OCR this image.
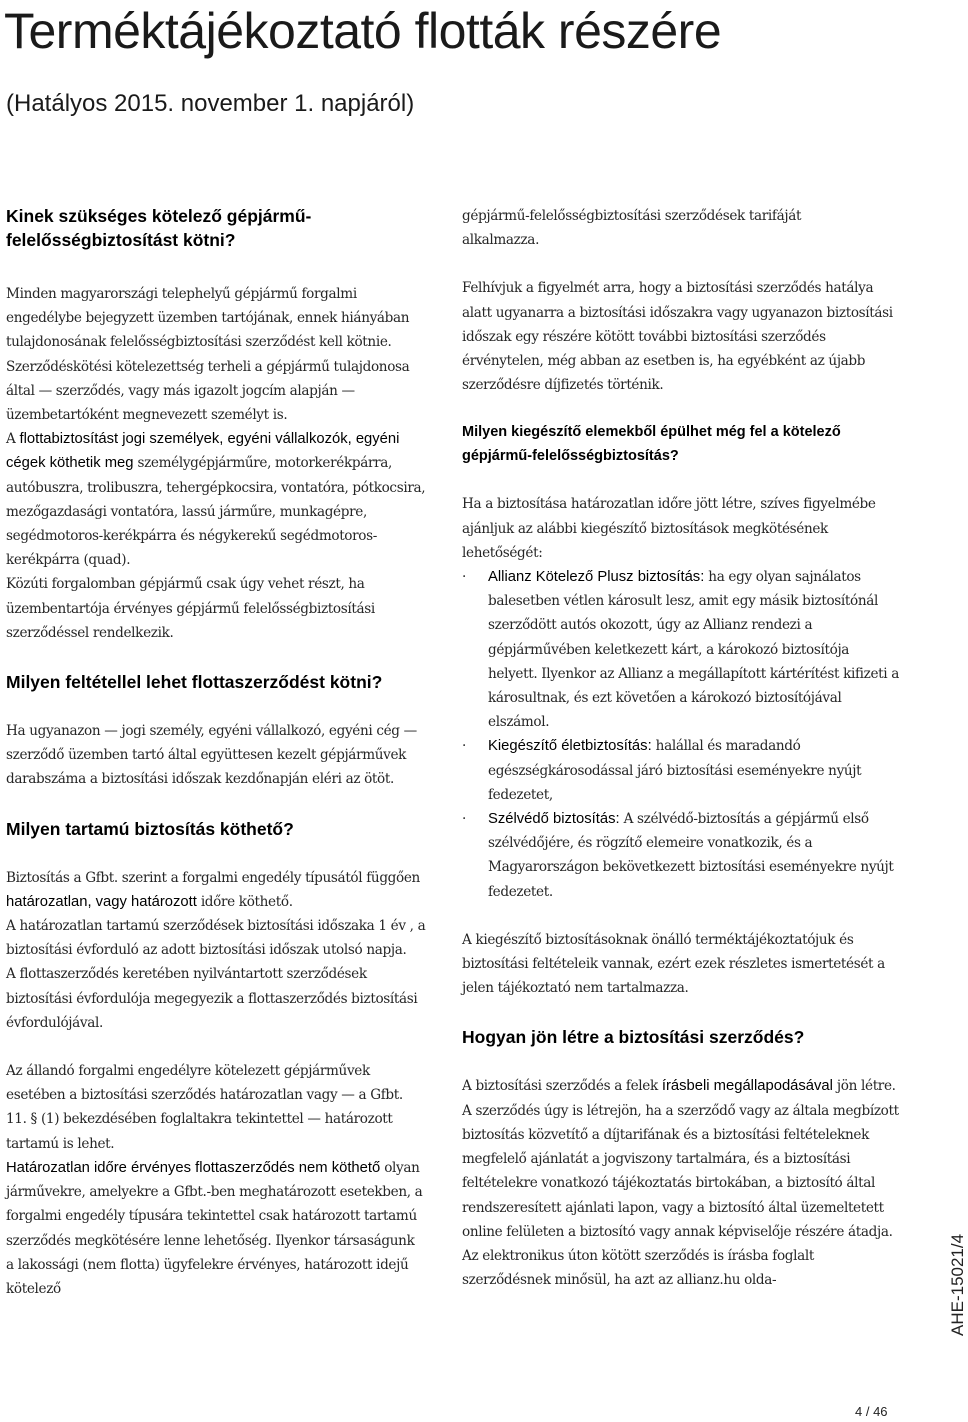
Terméktájékoztató flották részére
(Hatályos 2015. november 1. napjáról)
Kinek szükséges kötelező gépjármű-felelősségbiztosítást kötni?

Minden magyarországi telephelyű gépjármű forgalmi engedélybe bejegyzett üzemben tartójának, ennek hiányában tulajdonosának felelősségbiztosítási szerződést kell kötnie. Szerződéskötési kötelezettség terheli a gépjármű tulajdonosa által — szerződés, vagy más igazolt jogcím alapján — üzembetartóként megnevezett személyt is.

A flottabiztosítást jogi személyek, egyéni vállalkozók, egyéni cégek köthetik meg személygépjárműre, motorkerékpárra, autóbuszra, trolibuszra, tehergépkocsira, vontatóra, pótkocsira, mezőgazdasági vontatóra, lassú járműre, munkagépre, segédmotoros-kerékpárra és négykerekű segédmotoros-kerékpárra (quad).

Közúti forgalomban gépjármű csak úgy vehet részt, ha üzembentartója érvényes gépjármű felelősségbiztosítási szerződéssel rendelkezik.

Milyen feltétellel lehet flottaszerződést kötni?

Ha ugyanazon — jogi személy, egyéni vállalkozó, egyéni cég — szerződő üzemben tartó által együttesen kezelt gépjárművek darabszáma a biztosítási időszak kezdőnapján eléri az ötöt.

Milyen tartamú biztosítás köthető?

Biztosítás a Gfbt. szerint a forgalmi engedély típusától függően határozatlan, vagy határozott időre köthető.

A határozatlan tartamú szerződések biztosítási időszaka 1 év , a biztosítási évforduló az adott biztosítási időszak utolsó napja.

A flottaszerződés keretében nyilvántartott szerződések biztosítási évfordulója megegyezik a flottaszerződés biztosítási évfordulójával.

Az állandó forgalmi engedélyre kötelezett gépjárművek esetében a biztosítási szerződés határozatlan vagy — a Gfbt. 11. § (1) bekezdésében foglaltakra tekintettel — határozott tartamú is lehet.

Határozatlan időre érvényes flottaszerződés nem köthető olyan járművekre, amelyekre a Gfbt.-ben meghatározott esetekben, a forgalmi engedély típusára tekintettel csak határozott tartamú szerződés megkötésére lenne lehetőség. Ilyenkor társaságunk a lakossági (nem flotta) ügyfelekre érvényes, határozott idejű kötelező

gépjármű-felelősségbiztosítási szerződések tarifáját alkalmazza.

Felhívjuk a figyelmét arra, hogy a biztosítási szerződés hatálya alatt ugyanarra a biztosítási időszakra vagy ugyanazon biztosítási időszak egy részére kötött további biztosítási szerződés érvénytelen, még abban az esetben is, ha egyébként az újabb szerződésre díjfizetés történik.

Milyen kiegészítő elemekből épülhet még fel a kötelező gépjármű-felelősségbiztosítás?

Ha a biztosítása határozatlan időre jött létre, szíves figyelmébe ajánljuk az alábbi kiegészítő biztosítások megkötésének lehetőségét:

· Allianz Kötelező Plusz biztosítás: ha egy olyan sajnálatos balesetben vétlen károsult lesz, amit egy másik biztosítónál szerződött autós okozott, úgy az Allianz rendezi a gépjárművében keletkezett kárt, a károkozó biztosítója helyett. Ilyenkor az Allianz a megállapított kártérítést kifizeti a károsultnak, és ezt követően a károkozó biztosítójával elszámol.
· Kiegészítő életbiztosítás: halállal és maradandó egészségkárosodással járó biztosítási eseményekre nyújt fedezetet,
· Szélvédő biztosítás: A szélvédő-biztosítás a gépjármű első szélvédőjére, és rögzítő elemeire vonatkozik, és a Magyarországon bekövetkezett biztosítási eseményekre nyújt fedezetet.

A kiegészítő biztosításoknak önálló terméktájékoztatójuk és biztosítási feltételeik vannak, ezért ezek részletes ismertetését a jelen tájékoztató nem tartalmazza.

Hogyan jön létre a biztosítási szerződés?

A biztosítási szerződés a felek írásbeli megállapodásával jön létre.

A szerződés úgy is létrejön, ha a szerződő vagy az általa megbízott biztosítás közvetítő a díjtarifának és a biztosítási feltételeknek megfelelő ajánlatát a jogviszony tartalmára, és a biztosítási feltételekre vonatkozó tájékoztatás birtokában, a biztosító által rendszeresített ajánlati lapon, vagy a biztosító által üzemeltetett online felületen a biztosító vagy annak képviselője részére átadja. Az elektronikus úton kötött szerződés is írásba foglalt szerződésnek minősül, ha azt az allianz.hu olda-	AHE-15021/4
4 / 46
